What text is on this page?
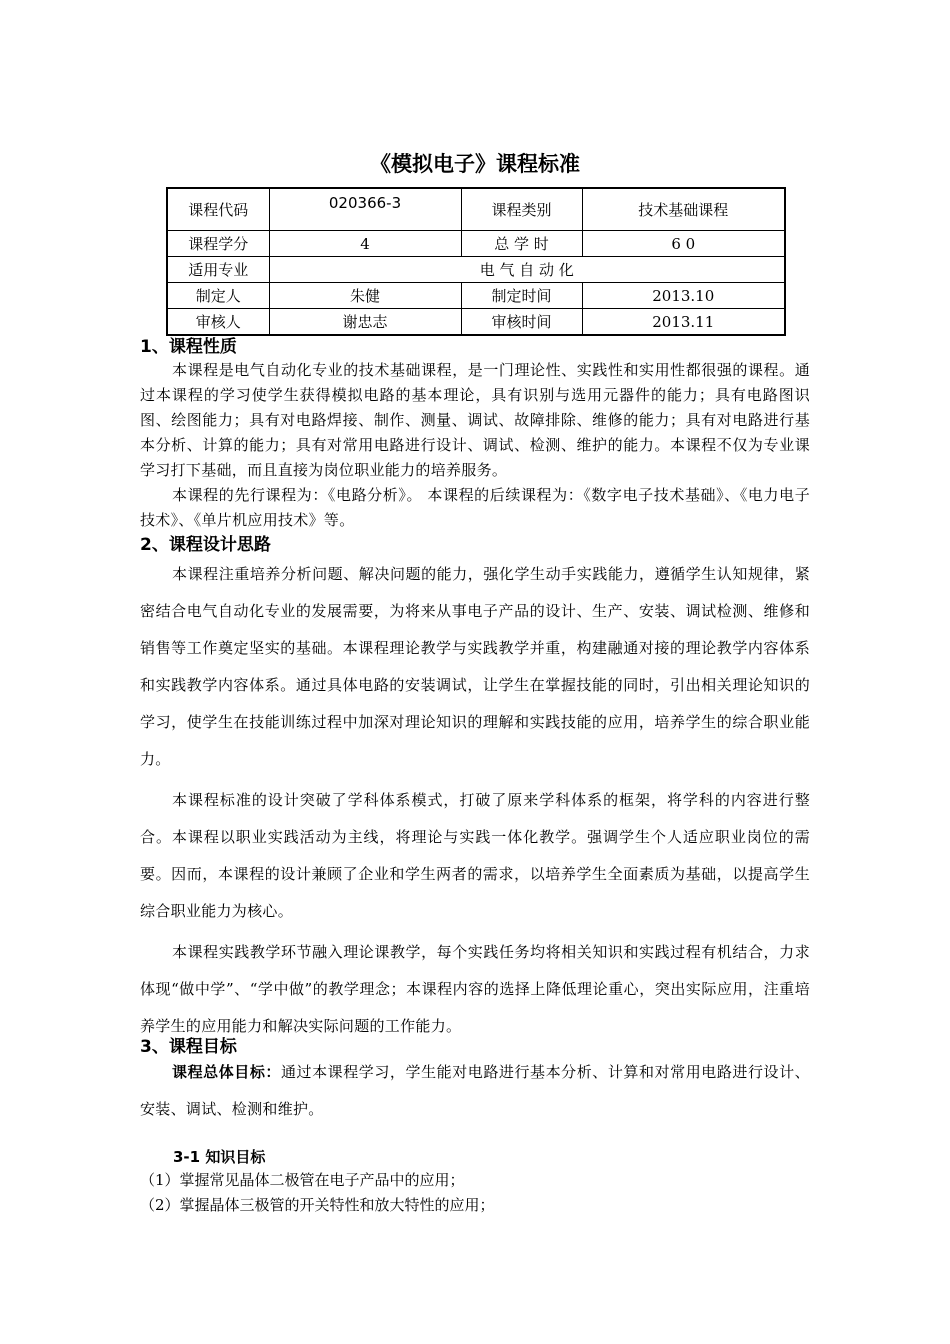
《模拟电子》课程标准
课程代码	020366-3	课程类别	技术基础课程
课程学分	4	总 学 时	6 0
适用专业	电 气 自 动 化		
制定人	朱健	制定时间	2013.10
审核人	谢忠志	审核时间	2013.11

1、课程性质

本课程是电气自动化专业的技术基础课程，是一门理论性、实践性和实用性都很强的课程。通过本课程的学习使学生获得模拟电路的基本理论，具有识别与选用元器件的能力；具有电路图识图、绘图能力；具有对电路焊接、制作、测量、调试、故障排除、维修的能力；具有对电路进行基本分析、计算的能力；具有对常用电路进行设计、调试、检测、维护的能力。本课程不仅为专业课学习打下基础，而且直接为岗位职业能力的培养服务。

本课程的先行课程为：《电路分析》。 本课程的后续课程为：《数字电子技术基础》、《电力电子技术》、《单片机应用技术》等。

2、课程设计思路

本课程注重培养分析问题、解决问题的能力，强化学生动手实践能力，遵循学生认知规律，紧密结合电气自动化专业的发展需要，为将来从事电子产品的设计、生产、安装、调试检测、维修和销售等工作奠定坚实的基础。本课程理论教学与实践教学并重，构建融通对接的理论教学内容体系和实践教学内容体系。通过具体电路的安装调试，让学生在掌握技能的同时，引出相关理论知识的学习，使学生在技能训练过程中加深对理论知识的理解和实践技能的应用，培养学生的综合职业能力。

本课程标准的设计突破了学科体系模式，打破了原来学科体系的框架，将学科的内容进行整合。本课程以职业实践活动为主线，将理论与实践一体化教学。强调学生个人适应职业岗位的需要。因而，本课程的设计兼顾了企业和学生两者的需求，以培养学生全面素质为基础，以提高学生综合职业能力为核心。

本课程实践教学环节融入理论课教学，每个实践任务均将相关知识和实践过程有机结合，力求体现“做中学”、“学中做”的教学理念；本课程内容的选择上降低理论重心，突出实际应用，注重培养学生的应用能力和解决实际问题的工作能力。

3、课程目标

课程总体目标：通过本课程学习，学生能对电路进行基本分析、计算和对常用电路进行设计、安装、调试、检测和维护。

3-1 知识目标

（1）掌握常见晶体二极管在电子产品中的应用；

（2）掌握晶体三极管的开关特性和放大特性的应用；
